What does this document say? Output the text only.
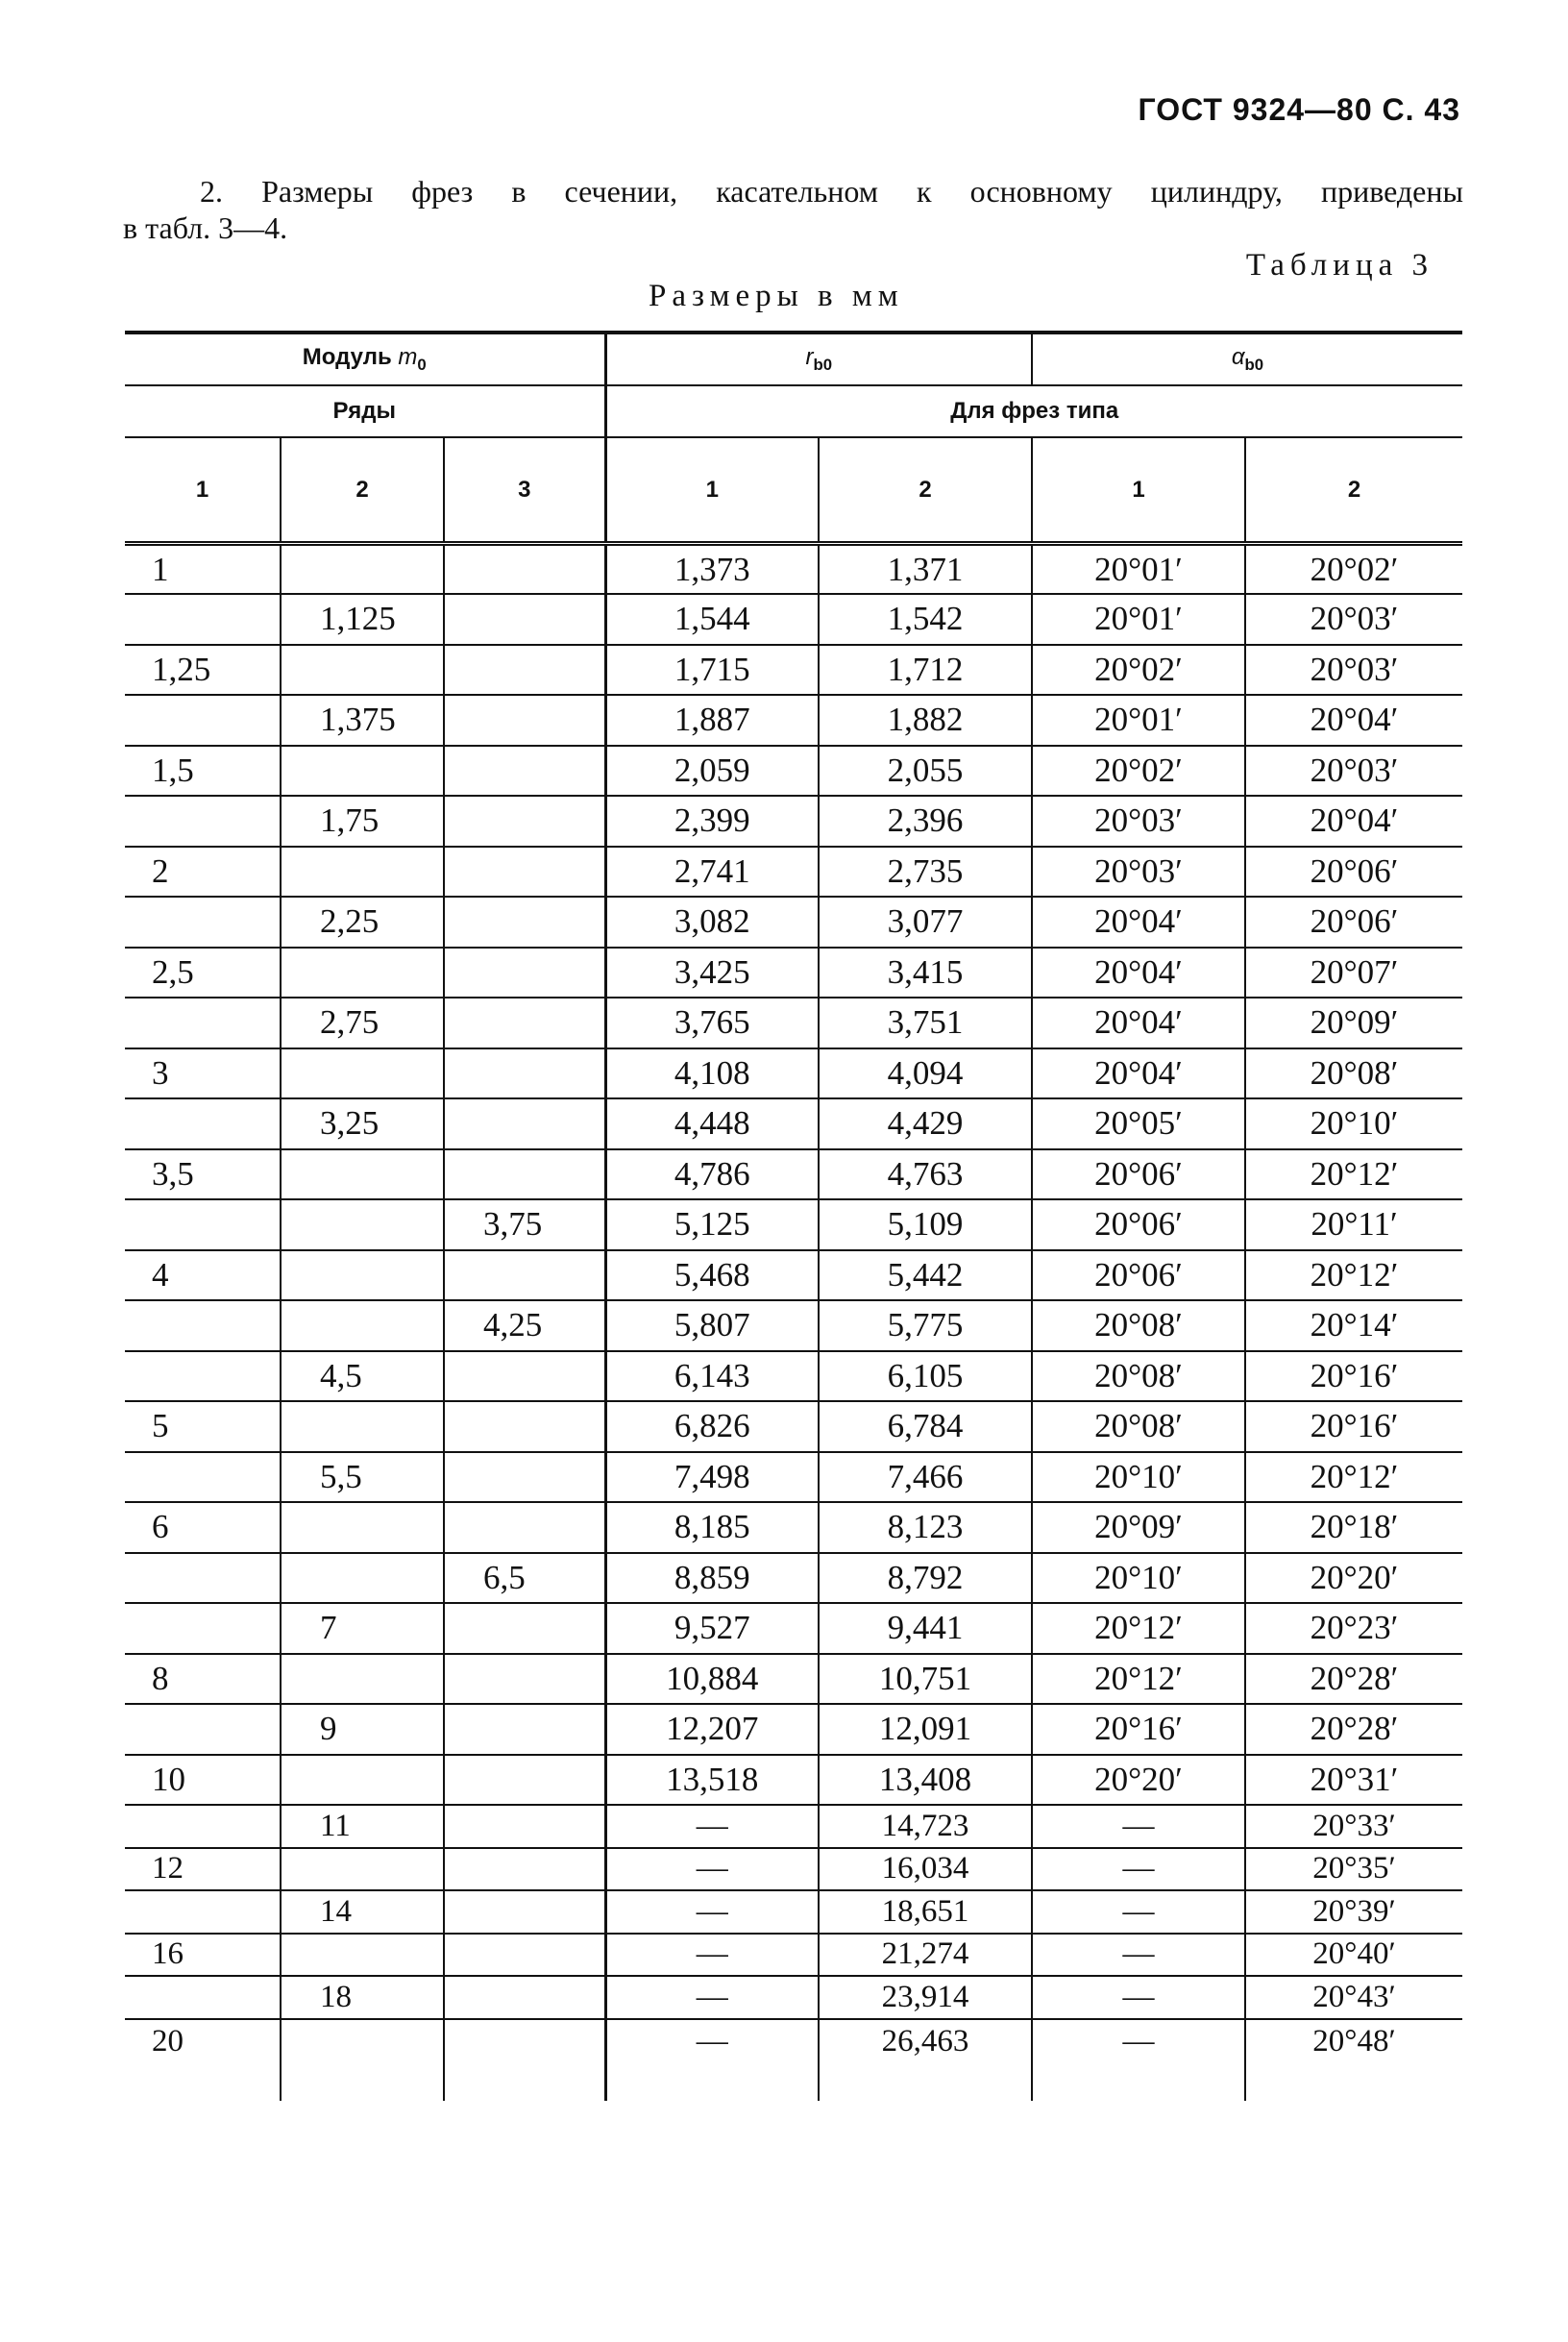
ГОСТ 9324—80 С. 43
2. Размеры фрез в сечении, касательном к основному цилиндру, приведены
в табл. 3—4.
Таблица 3
Размеры в мм
Модуль $m_0$			$r_{b0}$		$\alpha_{b0}$
Ряды			Для фрез типа			
1	2	3	1	2	1	2
1			1,373	1,371	20°01′	20°02′
	1,125		1,544	1,542	20°01′	20°03′
1,25			1,715	1,712	20°02′	20°03′
	1,375		1,887	1,882	20°01′	20°04′
1,5			2,059	2,055	20°02′	20°03′
	1,75		2,399	2,396	20°03′	20°04′
2			2,741	2,735	20°03′	20°06′
	2,25		3,082	3,077	20°04′	20°06′
2,5			3,425	3,415	20°04′	20°07′
	2,75		3,765	3,751	20°04′	20°09′
3			4,108	4,094	20°04′	20°08′
	3,25		4,448	4,429	20°05′	20°10′
3,5			4,786	4,763	20°06′	20°12′
		3,75	5,125	5,109	20°06′	20°11′
4			5,468	5,442	20°06′	20°12′
		4,25	5,807	5,775	20°08′	20°14′
	4,5		6,143	6,105	20°08′	20°16′
5			6,826	6,784	20°08′	20°16′
	5,5		7,498	7,466	20°10′	20°12′
6			8,185	8,123	20°09′	20°18′
		6,5	8,859	8,792	20°10′	20°20′
	7		9,527	9,441	20°12′	20°23′
8			10,884	10,751	20°12′	20°28′
	9		12,207	12,091	20°16′	20°28′
10			13,518	13,408	20°20′	20°31′
	11		—	14,723	—	20°33′
12			—	16,034	—	20°35′
	14		—	18,651	—	20°39′
16			—	21,274	—	20°40′
	18		—	23,914	—	20°43′
20			—	26,463	—	20°48′
